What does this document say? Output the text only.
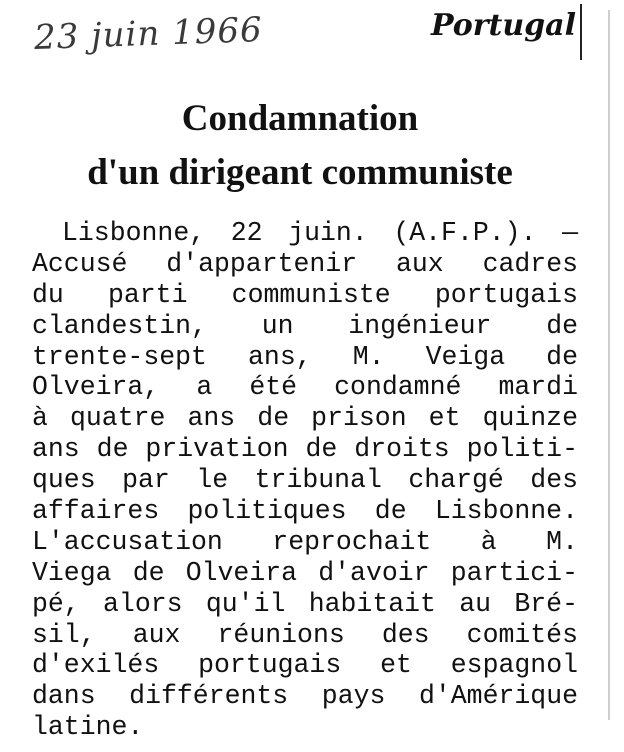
23 juin 1966	Portugal
Condamnation
d'un dirigeant communiste
Lisbonne, 22 juin. (A.F.P.). —
Accusé d'appartenir aux cadres
du parti communiste portugais
clandestin, un ingénieur de
trente-sept ans, M. Veiga de
Olveira, a été condamné mardi
à quatre ans de prison et quinze
ans de privation de droits politi-
ques par le tribunal chargé des
affaires politiques de Lisbonne.
L'accusation reprochait à M.
Viega de Olveira d'avoir partici-
pé, alors qu'il habitait au Bré-
sil, aux réunions des comités
d'exilés portugais et espagnol
dans différents pays d'Amérique
latine.
